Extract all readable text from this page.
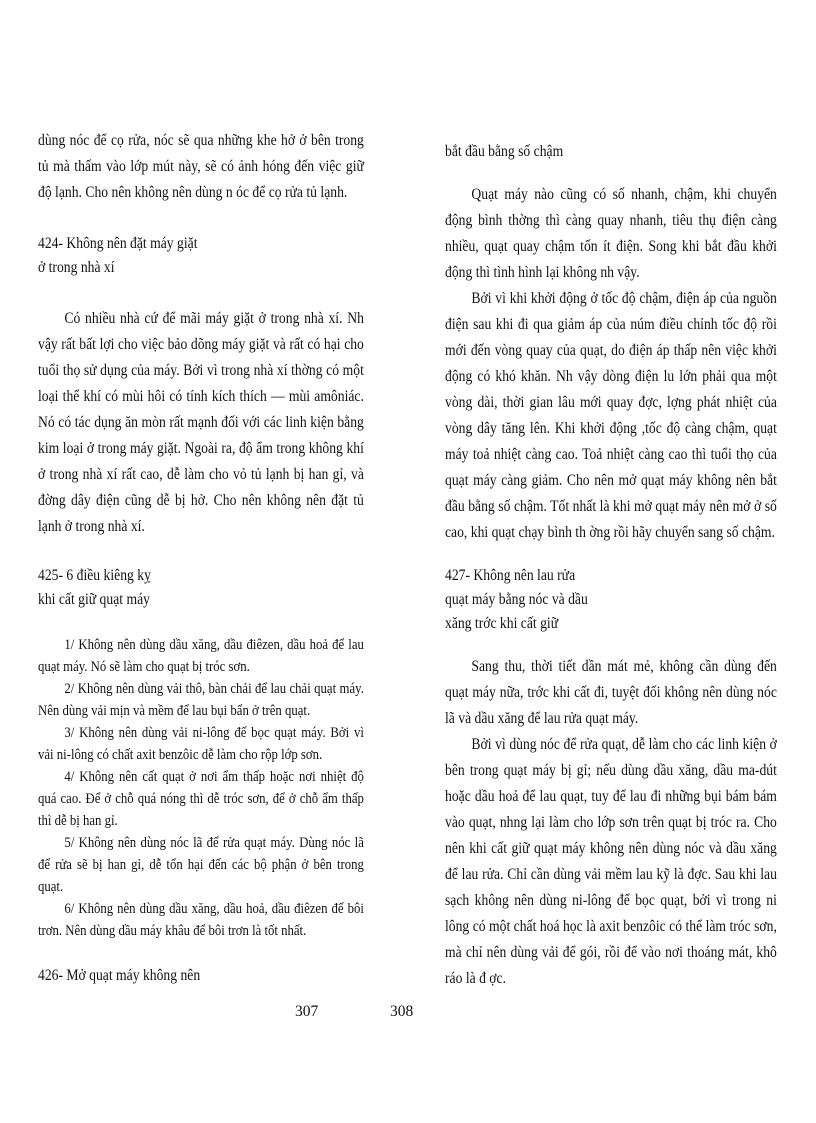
dùng nóc để cọ rửa, nóc sẽ qua những khe hở ở bên trong tủ mà thấm vào lớp mút này, sẽ có ảnh hóng đến việc giữ độ lạnh. Cho nên không nên dùng n óc để cọ rửa tủ lạnh.

424- Không nên đặt máy giặt

ở trong nhà xí

Có nhiều nhà cứ để mãi máy giặt ở trong nhà xí. Nh vậy rất bất lợi cho việc bảo dõng máy giặt và rất có hại cho tuổi thọ sử dụng của máy. Bởi vì trong nhà xí thờng có một loại thể khí có mùi hôi có tính kích thích — mùi amôniác. Nó có tác dụng ăn mòn rất mạnh đối với các linh kiện bằng kim loại ở trong máy giặt. Ngoài ra, độ ẩm trong không khí ở trong nhà xí rất cao, dễ làm cho vỏ tủ lạnh bị han gỉ, và đờng dây điện cũng dễ bị hở. Cho nên không nên đặt tủ lạnh ở trong nhà xí.

425- 6 điều kiêng kỵ

khi cất giữ quạt máy

1/ Không nên dùng dầu xăng, dầu điêzen, dầu hoả để lau quạt máy. Nó sẽ làm cho quạt bị tróc sơn.

2/ Không nên dùng vải thô, bàn chải để lau chải quạt máy. Nên dùng vải mịn và mềm để lau bụi bẩn ở trên quạt.

3/ Không nên dùng vải ni-lông để bọc quạt máy. Bởi vì vải ni-lông có chất axit benzôic dễ làm cho rộp lớp sơn.

4/ Không nên cất quạt ở nơi ẩm thấp hoặc nơi nhiệt độ quá cao. Để ở chỗ quá nóng thì dễ tróc sơn, để ở chỗ ẩm thấp thì dễ bị han gỉ.

5/ Không nên dùng nóc lã để rửa quạt máy. Dùng nóc lã để rửa sẽ bị han gỉ, dễ tổn hại đến các bộ phận ở bên trong quạt.

6/ Không nên dùng dầu xăng, dầu hoả, dầu điêzen để bôi trơn. Nên dùng dầu máy khâu để bôi trơn là tốt nhất.

426- Mở quạt máy không nên

bắt đầu bằng số chậm

Quạt máy nào cũng có số nhanh, chậm, khi chuyển động bình thờng thì càng quay nhanh, tiêu thụ điện càng nhiều, quạt quay chậm tốn ít điện. Song khi bắt đầu khởi động thì tình hình lại không nh vậy.

Bởi vì khi khởi động ở tốc độ chậm, điện áp của nguồn điện sau khi đi qua giảm áp của núm điều chỉnh tốc độ rồi mới đến vòng quay của quạt, do điện áp thấp nên việc khởi động có khó khăn. Nh vậy dòng điện lu lớn phải qua một vòng dài, thời gian lâu mới quay đợc, lợng phát nhiệt của vòng dây tăng lên. Khi khởi động ,tốc độ càng chậm, quạt máy toả nhiệt càng cao. Toả nhiệt càng cao thì tuổi thọ của quạt máy càng giảm. Cho nên mở quạt máy không nên bắt đầu bằng số chậm. Tốt nhất là khi mở quạt máy nên mở ở số cao, khi quạt chạy bình th ờng rồi hãy chuyển sang số chậm.

427- Không nên lau rửa

quạt máy bằng nóc và dầu

xăng trớc khi cất giữ

Sang thu, thời tiết dần mát mẻ, không cần dùng đến quạt máy nữa, trớc khi cất đi, tuyệt đối không nên dùng nóc lã và dầu xăng để lau rửa quạt máy.

Bởi vì dùng nóc để rửa quạt, dễ làm cho các linh kiện ở bên trong quạt máy bị gỉ; nếu dùng dầu xăng, dầu ma-dút hoặc dầu hoả để lau quạt, tuy để lau đi những bụi bám bám vào quạt, nhng lại làm cho lớp sơn trên quạt bị tróc ra. Cho nên khi cất giữ quạt máy không nên dùng nóc và dầu xăng để lau rửa. Chỉ cần dùng vải mềm lau kỹ là đợc. Sau khi lau sạch không nên dùng ni-lông để bọc quạt, bởi vì trong ni lông có một chất hoá học là axit benzôic có thể làm tróc sơn, mà chỉ nên dùng vải để gói, rồi để vào nơi thoáng mát, khô ráo là đ ợc.

307	308
